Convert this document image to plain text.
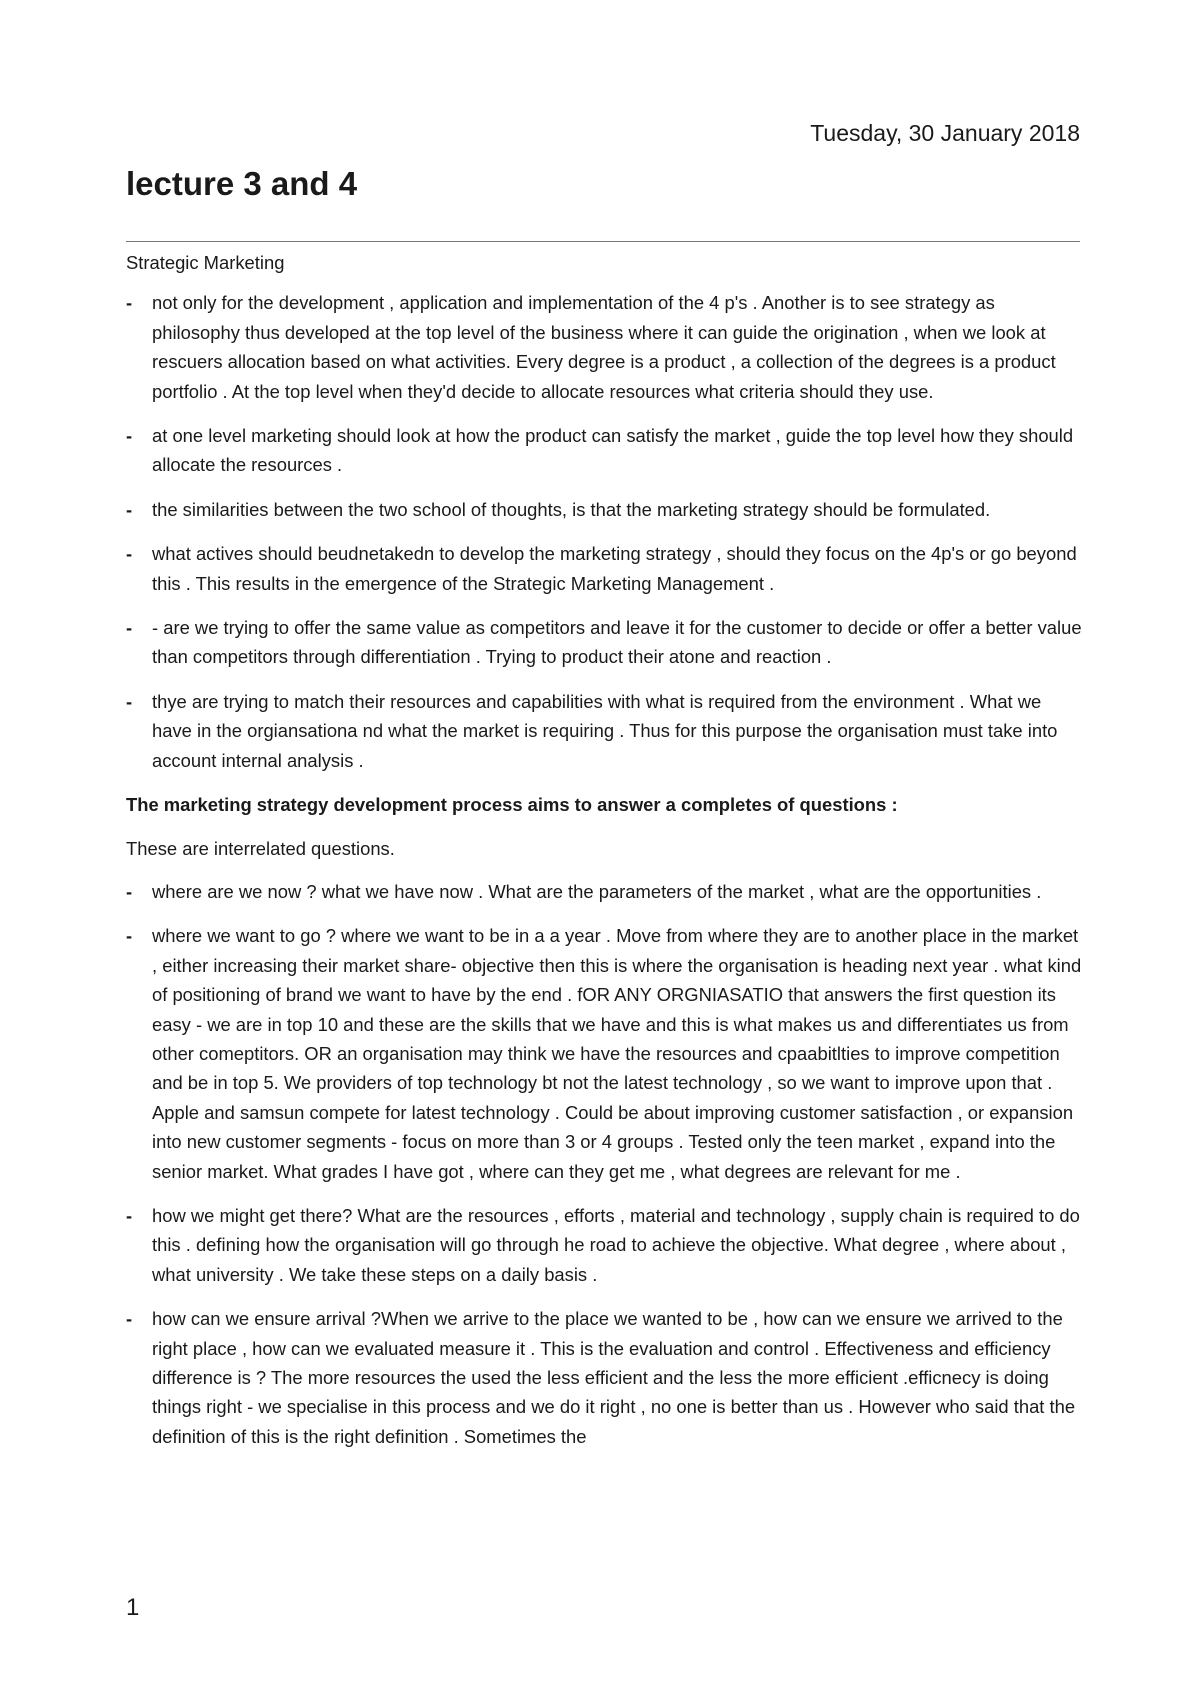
Tuesday, 30 January 2018
lecture 3 and 4

Strategic Marketing

- not only for the development , application and implementation of the 4 p's . Another is to see strategy as philosophy thus developed at the top level of the business where it can guide the origination , when we look at rescuers allocation based on what activities. Every degree is a product , a collection of the degrees is a product portfolio . At the top level when they'd decide to allocate resources what criteria should they use.
- at one level marketing should look at how the product can satisfy the market , guide the top level how they should allocate the resources .
- the similarities between the two school of thoughts, is that the marketing strategy should be formulated.
- what actives should beudnetakedn to develop the marketing strategy , should they focus on the 4p's or go beyond this . This results in the emergence of the Strategic Marketing Management .
- - are we trying to offer the same value as competitors and leave it for the customer to decide or offer a better value than competitors through differentiation . Trying to product their atone and reaction .
- thye are trying to match their resources and capabilities with what is required from the environment . What we have in the orgiansationa nd what the market is requiring . Thus for this purpose the organisation must take into account internal analysis .

The marketing strategy development process aims to answer a completes of questions :

These are interrelated questions.

- where are we now ? what we have now . What are the parameters of the market , what are the opportunities .
- where we want to go ? where we want to be in a a year . Move from where they are to another place in the market , either increasing their market share- objective then this is where the organisation is heading next year . what kind of positioning of brand we want to have by the end . fOR ANY ORGNIASATIO that answers the first question its easy - we are in top 10 and these are the skills that we have and this is what makes us and differentiates us from other comeptitors. OR an organisation may think we have the resources and cpaabitlties to improve competition and be in top 5. We providers of top technology bt not the latest technology , so we want to improve upon that . Apple and samsun compete for latest technology . Could be about improving customer satisfaction , or expansion into new customer segments - focus on more than 3 or 4 groups . Tested only the teen market , expand into the senior market. What grades I have got , where can they get me , what degrees are relevant for me .
- how we might get there? What are the resources , efforts , material and technology , supply chain is required to do this . defining how the organisation will go through he road to achieve the objective. What degree , where about , what university . We take these steps on a daily basis .
- how can we ensure arrival ?When we arrive to the place we wanted to be , how can we ensure we arrived to the right place , how can we evaluated measure it . This is the evaluation and control . Effectiveness and efficiency difference is ? The more resources the used the less efficient and the less the more efficient .efficnecy is doing things right - we specialise in this process and we do it right , no one is better than us . However who said that the definition of this is the right definition . Sometimes the
1
